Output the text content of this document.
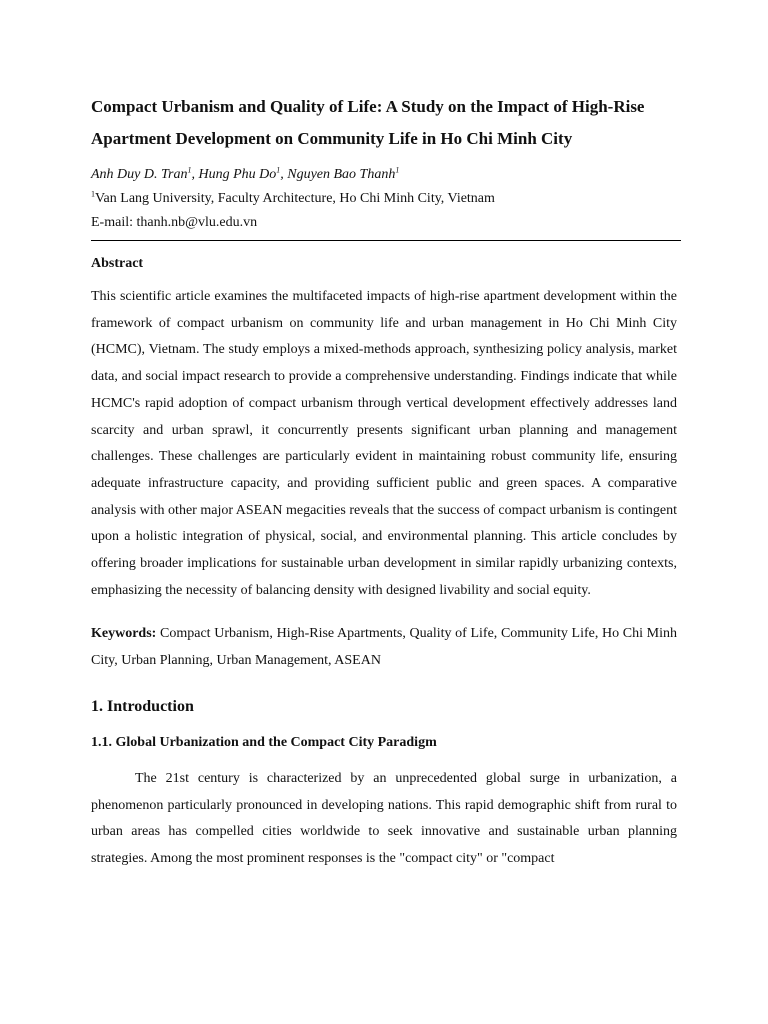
Compact Urbanism and Quality of Life: A Study on the Impact of High-Rise Apartment Development on Community Life in Ho Chi Minh City

Anh Duy D. Tran$^1$, Hung Phu Do$^1$, Nguyen Bao Thanh$^1$

$^1$Van Lang University, Faculty Architecture, Ho Chi Minh City, Vietnam

E-mail: thanh.nb@vlu.edu.vn

Abstract

This scientific article examines the multifaceted impacts of high-rise apartment development within the framework of compact urbanism on community life and urban management in Ho Chi Minh City (HCMC), Vietnam. The study employs a mixed-methods approach, synthesizing policy analysis, market data, and social impact research to provide a comprehensive understanding. Findings indicate that while HCMC's rapid adoption of compact urbanism through vertical development effectively addresses land scarcity and urban sprawl, it concurrently presents significant urban planning and management challenges. These challenges are particularly evident in maintaining robust community life, ensuring adequate infrastructure capacity, and providing sufficient public and green spaces. A comparative analysis with other major ASEAN megacities reveals that the success of compact urbanism is contingent upon a holistic integration of physical, social, and environmental planning. This article concludes by offering broader implications for sustainable urban development in similar rapidly urbanizing contexts, emphasizing the necessity of balancing density with designed livability and social equity.

Keywords: Compact Urbanism, High-Rise Apartments, Quality of Life, Community Life, Ho Chi Minh City, Urban Planning, Urban Management, ASEAN

1. Introduction
1.1. Global Urbanization and the Compact City Paradigm

The 21st century is characterized by an unprecedented global surge in urbanization, a phenomenon particularly pronounced in developing nations. This rapid demographic shift from rural to urban areas has compelled cities worldwide to seek innovative and sustainable urban planning strategies. Among the most prominent responses is the "compact city" or "compact
